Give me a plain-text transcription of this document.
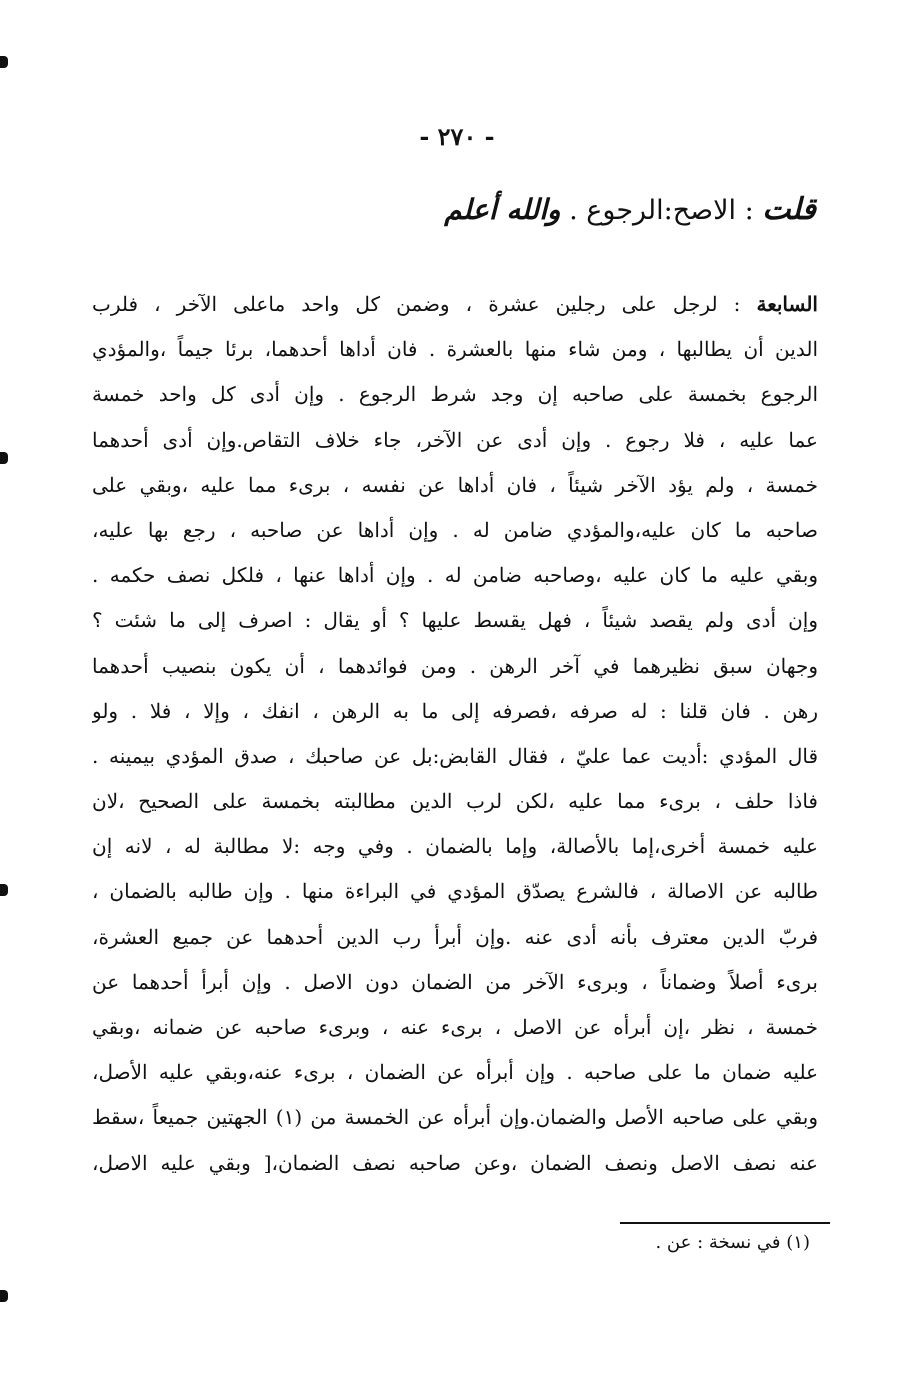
- ٢٧٠ -
قلت : الاصح:الرجوع . والله أعلم
السابعة : لرجل على رجلين عشرة ، وضمن كل واحد ماعلى الآخر ، فلرب
الدين أن يطالبها ، ومن شاء منها بالعشرة . فان أداها أحدهما، برئا جيماً ،والمؤدي
الرجوع بخمسة على صاحبه إن وجد شرط الرجوع . وإن أدى كل واحد خمسة
عما عليه ، فلا رجوع . وإن أدى عن الآخر، جاء خلاف التقاص.وإن أدى أحدهما
خمسة ، ولم يؤد الآخر شيئاً ، فان أداها عن نفسه ، برىء مما عليه ،وبقي على
صاحبه ما كان عليه،والمؤدي ضامن له . وإن أداها عن صاحبه ، رجع بها عليه،
وبقي عليه ما كان عليه ،وصاحبه ضامن له . وإن أداها عنها ، فلكل نصف حكمه .
وإن أدى ولم يقصد شيئاً ، فهل يقسط عليها ؟ أو يقال : اصرف إلى ما شئت ؟
وجهان سبق نظيرهما في آخر الرهن . ومن فوائدهما ، أن يكون بنصيب أحدهما
رهن . فان قلنا : له صرفه ،فصرفه إلى ما به الرهن ، انفك ، وإلا ، فلا . ولو
قال المؤدي :أديت عما عليّ ، فقال القابض:بل عن صاحبك ، صدق المؤدي بيمينه .
فاذا حلف ، برىء مما عليه ،لكن لرب الدين مطالبته بخمسة على الصحيح ،لان
عليه خمسة أخرى،إما بالأصالة، وإما بالضمان . وفي وجه :لا مطالبة له ، لانه إن
طالبه عن الاصالة ، فالشرع يصدّق المؤدي في البراءة منها . وإن طالبه بالضمان ،
فربّ الدين معترف بأنه أدى عنه .وإن أبرأ رب الدين أحدهما عن جميع العشرة،
برىء أصلاً وضماناً ، وبرىء الآخر من الضمان دون الاصل . وإن أبرأ أحدهما عن
خمسة ، نظر ،إن أبرأه عن الاصل ، برىء عنه ، وبرىء صاحبه عن ضمانه ،وبقي
عليه ضمان ما على صاحبه . وإن أبرأه عن الضمان ، برىء عنه،وبقي عليه الأصل،
وبقي على صاحبه الأصل والضمان.وإن أبرأه عن الخمسة من (١) الجهتين جميعاً ،سقط
عنه نصف الاصل ونصف الضمان ،وعن صاحبه نصف الضمان،[ وبقي عليه الاصل،
(١) في نسخة : عن .
